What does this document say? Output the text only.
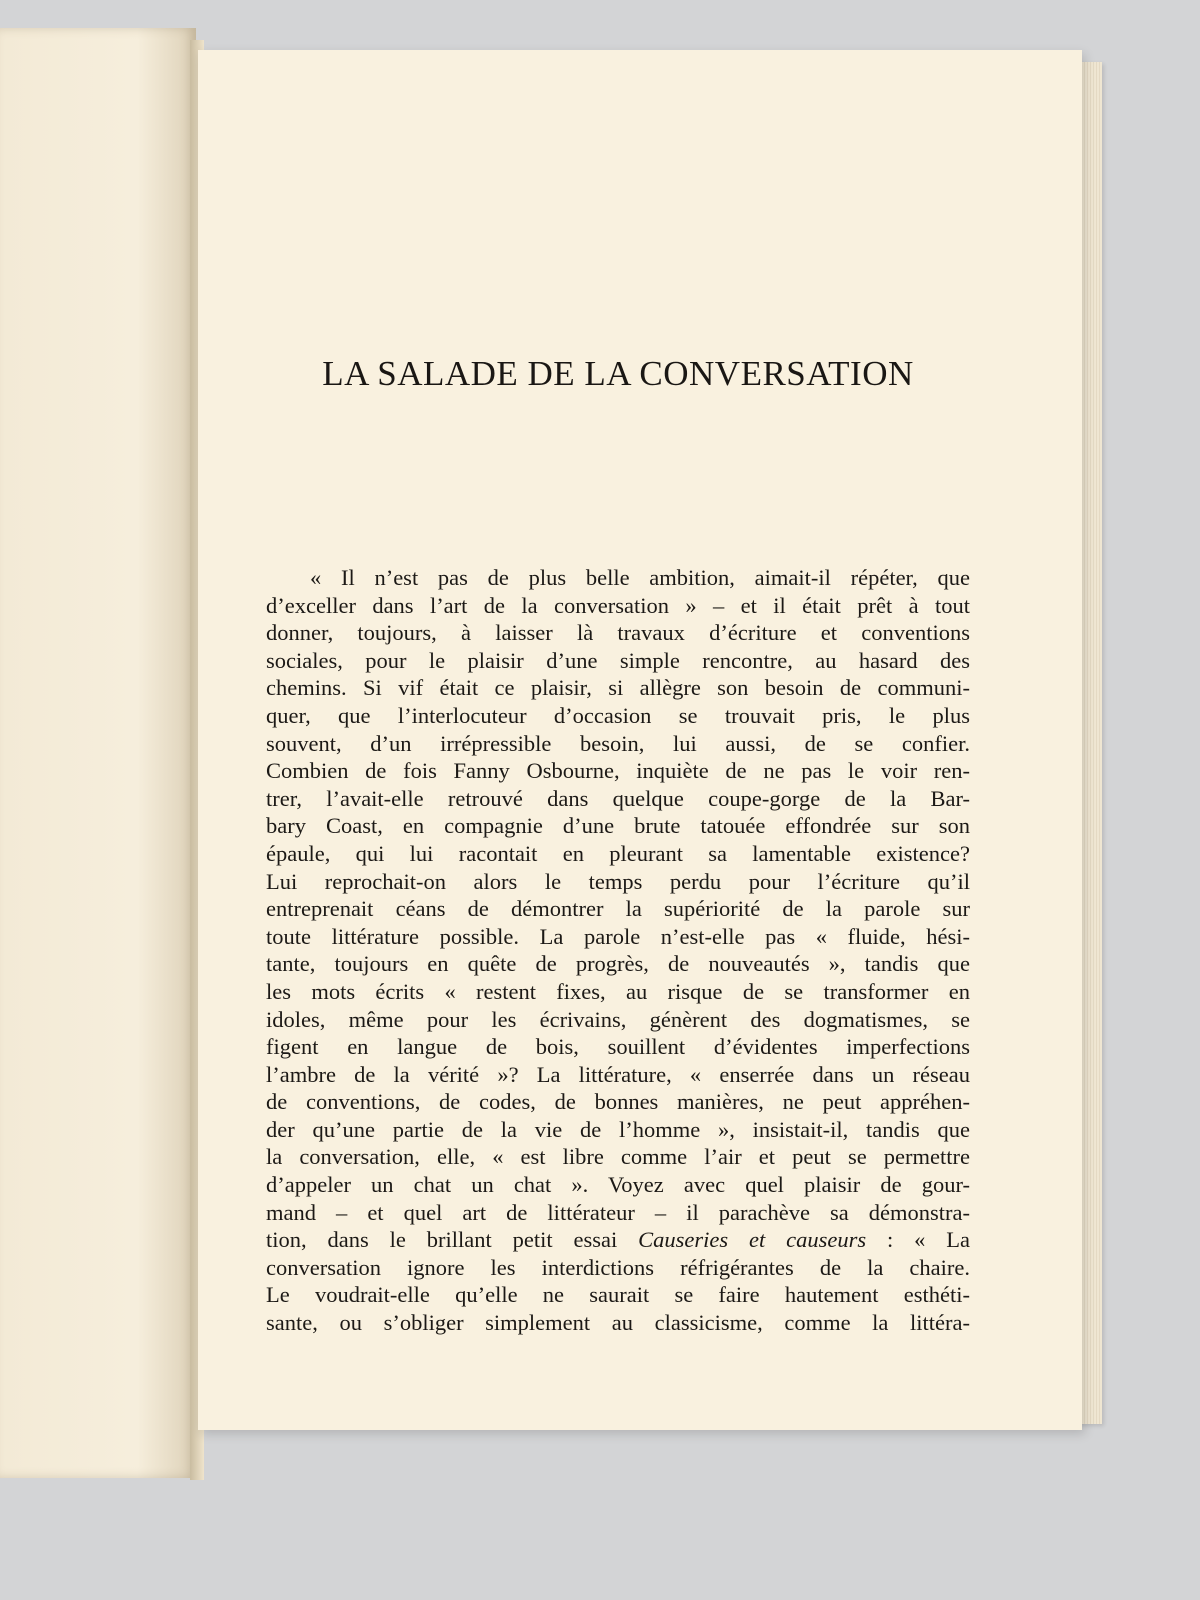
LA SALADE DE LA CONVERSATION
« Il n’est pas de plus belle ambition, aimait-il répéter, que
d’exceller dans l’art de la conversation » – et il était prêt à tout
donner, toujours, à laisser là travaux d’écriture et conventions
sociales, pour le plaisir d’une simple rencontre, au hasard des
chemins. Si vif était ce plaisir, si allègre son besoin de communi-
quer, que l’interlocuteur d’occasion se trouvait pris, le plus
souvent, d’un irrépressible besoin, lui aussi, de se confier.
Combien de fois Fanny Osbourne, inquiète de ne pas le voir ren-
trer, l’avait-elle retrouvé dans quelque coupe-gorge de la Bar-
bary Coast, en compagnie d’une brute tatouée effondrée sur son
épaule, qui lui racontait en pleurant sa lamentable existence?
Lui reprochait-on alors le temps perdu pour l’écriture qu’il
entreprenait céans de démontrer la supériorité de la parole sur
toute littérature possible. La parole n’est-elle pas « fluide, hési-
tante, toujours en quête de progrès, de nouveautés », tandis que
les mots écrits « restent fixes, au risque de se transformer en
idoles, même pour les écrivains, génèrent des dogmatismes, se
figent en langue de bois, souillent d’évidentes imperfections
l’ambre de la vérité »? La littérature, « enserrée dans un réseau
de conventions, de codes, de bonnes manières, ne peut appréhen-
der qu’une partie de la vie de l’homme », insistait-il, tandis que
la conversation, elle, « est libre comme l’air et peut se permettre
d’appeler un chat un chat ». Voyez avec quel plaisir de gour-
mand – et quel art de littérateur – il parachève sa démonstra-
tion, dans le brillant petit essai Causeries et causeurs : « La
conversation ignore les interdictions réfrigérantes de la chaire.
Le voudrait-elle qu’elle ne saurait se faire hautement esthéti-
sante, ou s’obliger simplement au classicisme, comme la littéra-
